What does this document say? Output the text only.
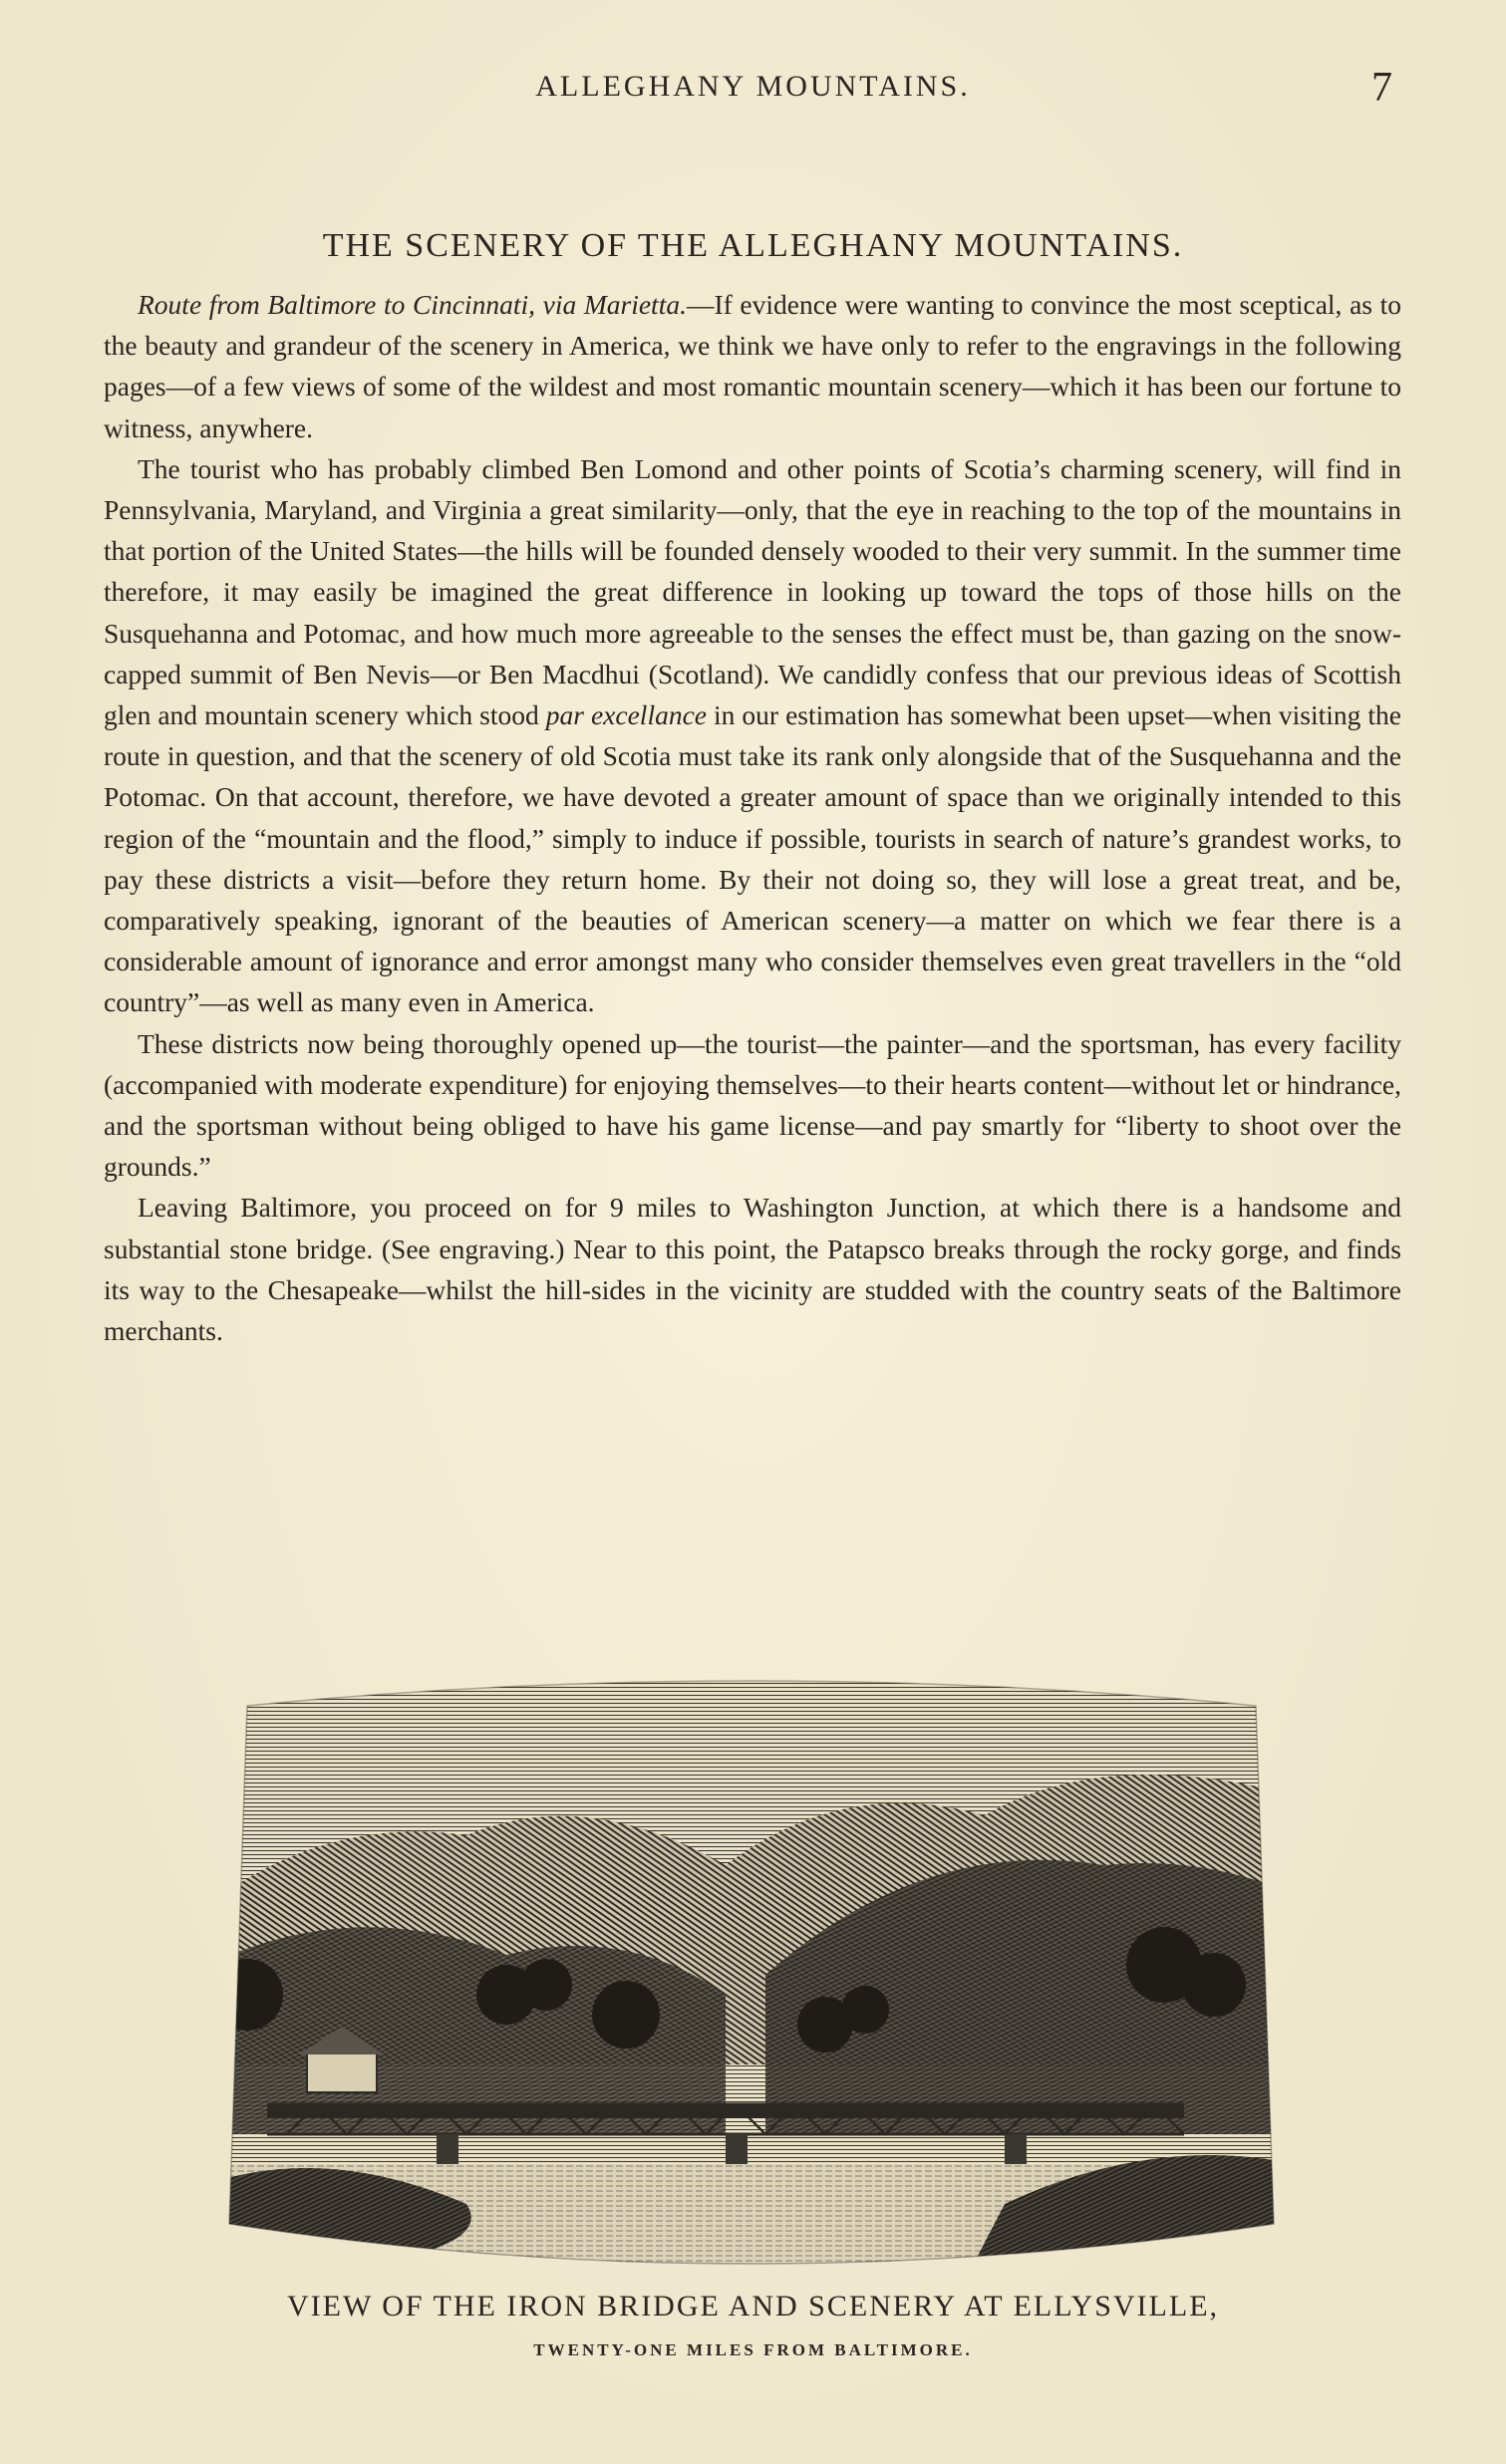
ALLEGHANY MOUNTAINS.	7
THE SCENERY OF THE ALLEGHANY MOUNTAINS.

Route from Baltimore to Cincinnati, via Marietta.—If evidence were wanting to convince the most sceptical, as to the beauty and grandeur of the scenery in America, we think we have only to refer to the engravings in the following pages—of a few views of some of the wildest and most romantic mountain scenery—which it has been our fortune to witness, anywhere.

The tourist who has probably climbed Ben Lomond and other points of Scotia’s charming scenery, will find in Pennsylvania, Maryland, and Virginia a great similarity—only, that the eye in reaching to the top of the mountains in that portion of the United States—the hills will be founded densely wooded to their very summit. In the summer time therefore, it may easily be imagined the great difference in looking up toward the tops of those hills on the Susquehanna and Potomac, and how much more agreeable to the senses the effect must be, than gazing on the snow-capped summit of Ben Nevis—or Ben Macdhui (Scotland). We candidly confess that our previous ideas of Scottish glen and mountain scenery which stood par excellance in our estimation has somewhat been upset—when visiting the route in question, and that the scenery of old Scotia must take its rank only alongside that of the Susquehanna and the Potomac. On that account, therefore, we have devoted a greater amount of space than we originally intended to this region of the “mountain and the flood,” simply to induce if possible, tourists in search of nature’s grandest works, to pay these districts a visit—before they return home. By their not doing so, they will lose a great treat, and be, comparatively speaking, ignorant of the beauties of American scenery—a matter on which we fear there is a considerable amount of ignorance and error amongst many who consider themselves even great travellers in the “old country”—as well as many even in America.

These districts now being thoroughly opened up—the tourist—the painter—and the sportsman, has every facility (accompanied with moderate expenditure) for enjoying themselves—to their hearts content—without let or hindrance, and the sportsman without being obliged to have his game license—and pay smartly for “liberty to shoot over the grounds.”

Leaving Baltimore, you proceed on for 9 miles to Washington Junction, at which there is a handsome and substantial stone bridge. (See engraving.) Near to this point, the Patapsco breaks through the rocky gorge, and finds its way to the Chesapeake—whilst the hill-sides in the vicinity are studded with the country seats of the Baltimore merchants.

VIEW OF THE IRON BRIDGE AND SCENERY AT ELLYSVILLE,
TWENTY-ONE MILES FROM BALTIMORE.
